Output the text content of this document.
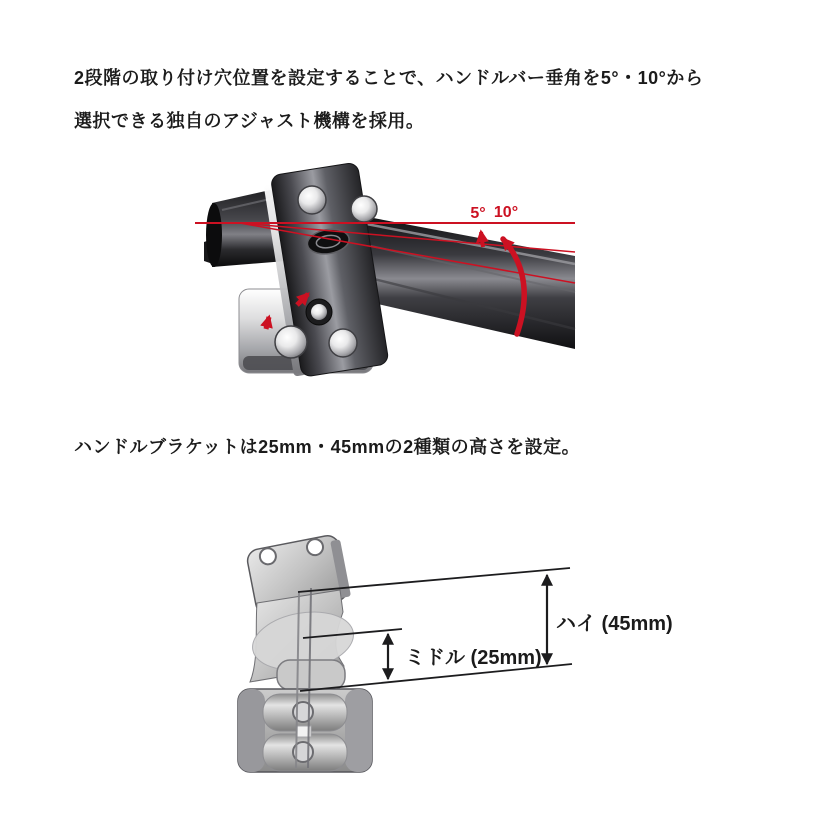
2段階の取り付け穴位置を設定することで、ハンドルバー垂角を5°・10°から
選択できる独自のアジャスト機構を採用。

5° 10°

ハンドルブラケットは25mm・45mmの2種類の高さを設定。

ミドル (25mm)
ハイ (45mm)
